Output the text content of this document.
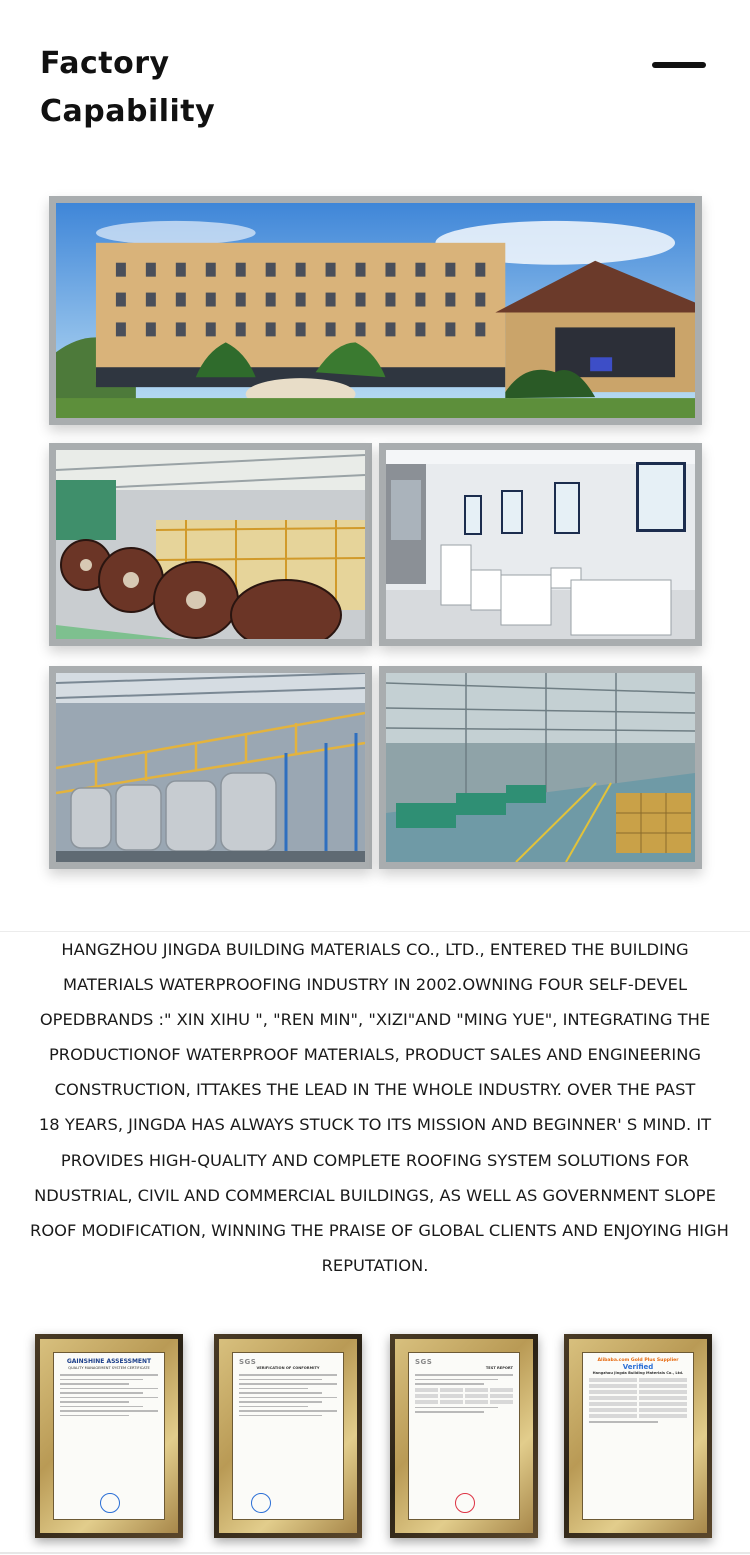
Factory
Capability

HANGZHOU JINGDA BUILDING MATERIALS CO., LTD., ENTERED THE BUILDING
MATERIALS WATERPROOFING INDUSTRY IN 2002.OWNING FOUR SELF-DEVEL
OPEDBRANDS :" XIN XIHU ", "REN MIN", "XIZI"AND "MING YUE", INTEGRATING THE
PRODUCTIONOF WATERPROOF MATERIALS, PRODUCT SALES AND ENGINEERING
CONSTRUCTION, ITTAKES THE LEAD IN THE WHOLE INDUSTRY. OVER THE PAST
18 YEARS, JINGDA HAS ALWAYS STUCK TO ITS MISSION AND BEGINNER' S MIND. IT
PROVIDES HIGH-QUALITY AND COMPLETE ROOFING SYSTEM SOLUTIONS FOR
NDUSTRIAL, CIVIL AND COMMERCIAL BUILDINGS, AS WELL AS GOVERNMENT SLOPE
ROOF MODIFICATION, WINNING THE PRAISE OF GLOBAL CLIENTS AND ENJOYING HIGH
REPUTATION.

GAINSHINE ASSESSMENT
QUALITY MANAGEMENT SYSTEM CERTIFICATE
SGS
VERIFICATION OF CONFORMITY
SGS
TEST REPORT
Alibaba.com Gold Plus Supplier
Verified
Hangzhou Jingda Building Materials Co., Ltd.
